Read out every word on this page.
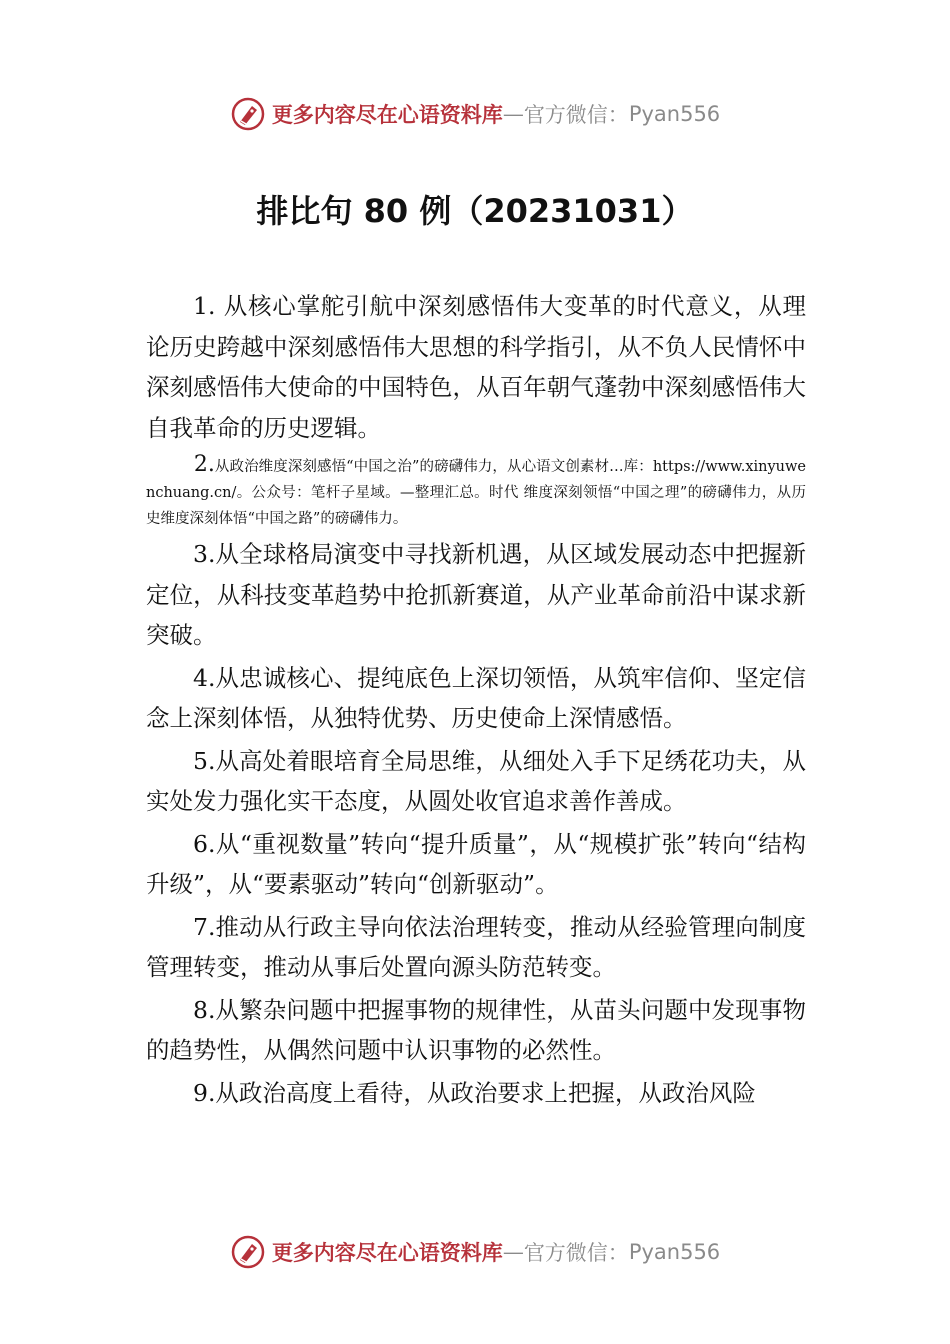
更多内容尽在心语资料库 — 官方微信： Pyan556
排比句 80 例（20231031）

1. 从核心掌舵引航中深刻感悟伟大变革的时代意义，从理论历史跨越中深刻感悟伟大思想的科学指引，从不负人民情怀中深刻感悟伟大使命的中国特色，从百年朝气蓬勃中深刻感悟伟大自我革命的历史逻辑。

2.从政治维度深刻感悟“中国之治”的磅礴伟力，从心语文创素材…库：https://www.xinyuwenchuang.cn/。公众号：笔杆子星域。—整理汇总。时代 维度深刻领悟“中国之理”的磅礴伟力，从历史维度深刻体悟“中国之路”的磅礴伟力。

3.从全球格局演变中寻找新机遇，从区域发展动态中把握新定位，从科技变革趋势中抢抓新赛道，从产业革命前沿中谋求新突破。

4.从忠诚核心、提纯底色上深切领悟，从筑牢信仰、坚定信念上深刻体悟，从独特优势、历史使命上深情感悟。

5.从高处着眼培育全局思维，从细处入手下足绣花功夫，从实处发力强化实干态度，从圆处收官追求善作善成。

6.从“重视数量”转向“提升质量”，从“规模扩张”转向“结构升级”，从“要素驱动”转向“创新驱动”。

7.推动从行政主导向依法治理转变，推动从经验管理向制度管理转变，推动从事后处置向源头防范转变。

8.从繁杂问题中把握事物的规律性，从苗头问题中发现事物的趋势性，从偶然问题中认识事物的必然性。

9.从政治高度上看待，从政治要求上把握，从政治风险

更多内容尽在心语资料库 — 官方微信： Pyan556
